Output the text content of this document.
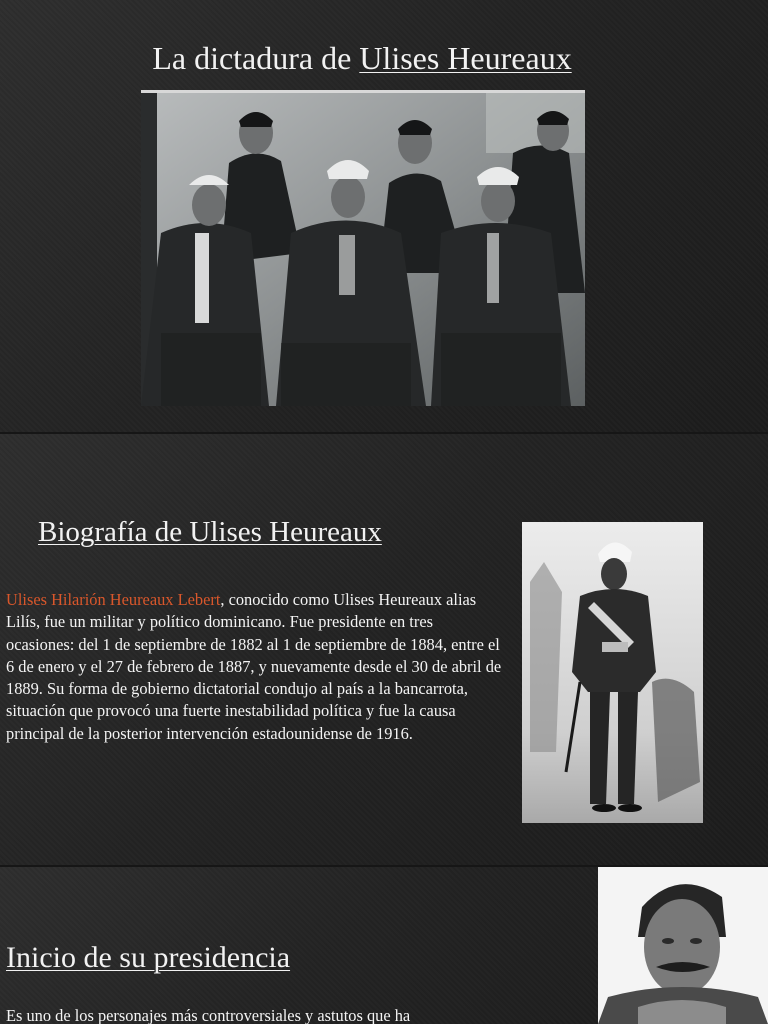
La dictadura de Ulises Heureaux
Biografía de Ulises Heureaux

Ulises Hilarión Heureaux Lebert, conocido como Ulises Heureaux alias Lilís, fue un militar y político dominicano. Fue presidente en tres ocasiones: del 1 de septiembre de 1882 al 1 de septiembre de 1884, entre el 6 de enero y el 27 de febrero de 1887, y nuevamente desde el 30 de abril de 1889. Su forma de gobierno dictatorial condujo al país a la bancarrota, situación que provocó una fuerte inestabilidad política y fue la causa principal de la posterior intervención estadounidense de 1916.

Inicio de su presidencia

Es uno de los personajes más controversiales y astutos que ha
